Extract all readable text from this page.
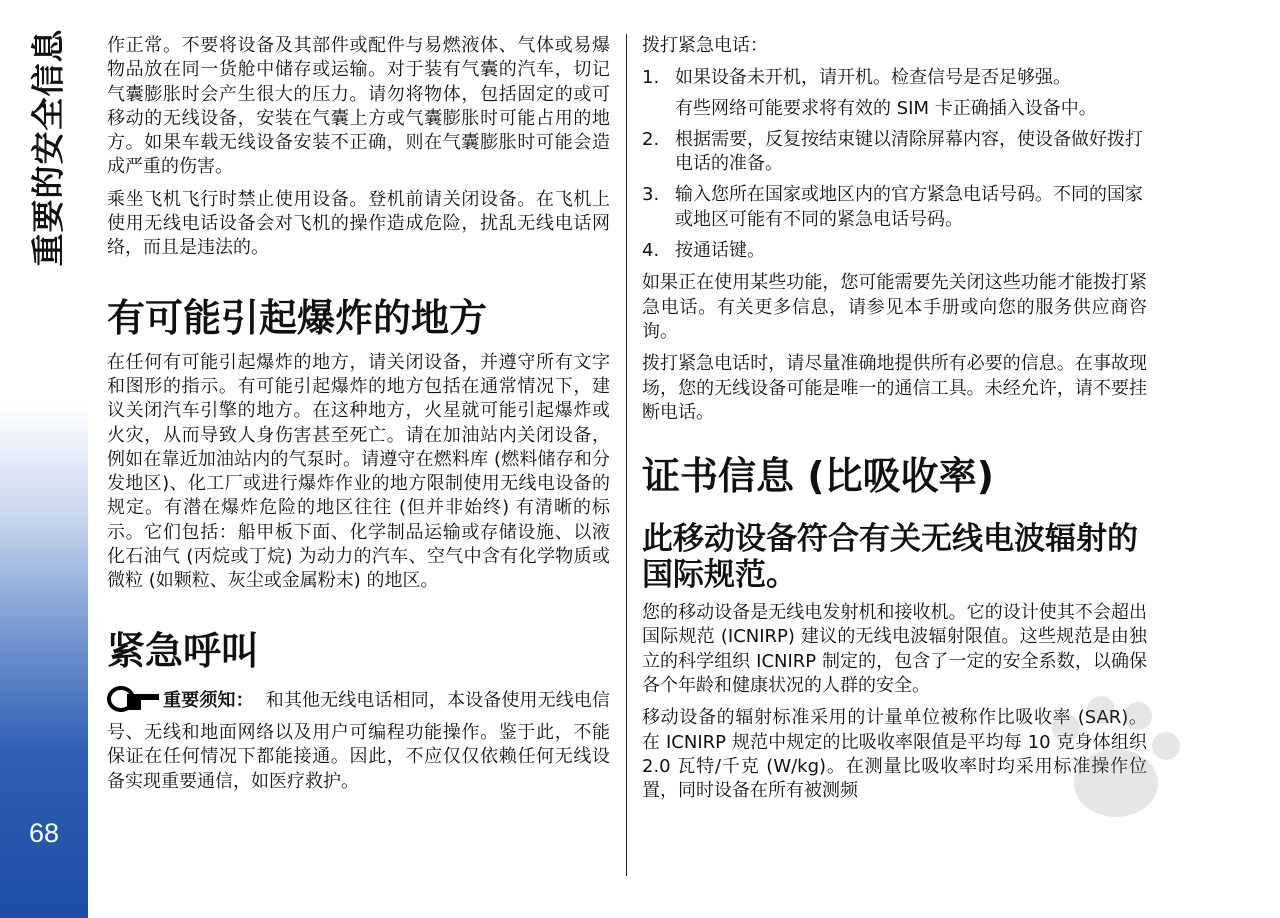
重要的安全信息
68

作正常。不要将设备及其部件或配件与易燃液体、气体或易爆物品放在同一货舱中储存或运输。对于装有气囊的汽车，切记气囊膨胀时会产生很大的压力。请勿将物体，包括固定的或可移动的无线设备，安装在气囊上方或气囊膨胀时可能占用的地方。如果车载无线设备安装不正确，则在气囊膨胀时可能会造成严重的伤害。

乘坐飞机飞行时禁止使用设备。登机前请关闭设备。在飞机上使用无线电话设备会对飞机的操作造成危险，扰乱无线电话网络，而且是违法的。

有可能引起爆炸的地方

在任何有可能引起爆炸的地方，请关闭设备，并遵守所有文字和图形的指示。有可能引起爆炸的地方包括在通常情况下，建议关闭汽车引擎的地方。在这种地方，火星就可能引起爆炸或火灾，从而导致人身伤害甚至死亡。请在加油站内关闭设备，例如在靠近加油站内的气泵时。请遵守在燃料库 (燃料储存和分发地区)、化工厂或进行爆炸作业的地方限制使用无线电设备的规定。有潜在爆炸危险的地区往往 (但并非始终) 有清晰的标示。它们包括：船甲板下面、化学制品运输或存储设施、以液化石油气 (丙烷或丁烷) 为动力的汽车、空气中含有化学物质或微粒 (如颗粒、灰尘或金属粉末) 的地区。

紧急呼叫

重要须知： 和其他无线电话相同，本设备使用无线电信号、无线和地面网络以及用户可编程功能操作。鉴于此，不能保证在任何情况下都能接通。因此，不应仅仅依赖任何无线设备实现重要通信，如医疗救护。

拨打紧急电话：

1. 如果设备未开机，请开机。检查信号是否足够强。
有些网络可能要求将有效的 SIM 卡正确插入设备中。
2. 根据需要，反复按结束键以清除屏幕内容，使设备做好拨打电话的准备。
3. 输入您所在国家或地区内的官方紧急电话号码。不同的国家或地区可能有不同的紧急电话号码。
4. 按通话键。

如果正在使用某些功能，您可能需要先关闭这些功能才能拨打紧急电话。有关更多信息，请参见本手册或向您的服务供应商咨询。

拨打紧急电话时，请尽量准确地提供所有必要的信息。在事故现场，您的无线设备可能是唯一的通信工具。未经允许，请不要挂断电话。

证书信息 (比吸收率)
此移动设备符合有关无线电波辐射的国际规范。

您的移动设备是无线电发射机和接收机。它的设计使其不会超出国际规范 (ICNIRP) 建议的无线电波辐射限值。这些规范是由独立的科学组织 ICNIRP 制定的，包含了一定的安全系数，以确保各个年龄和健康状况的人群的安全。

移动设备的辐射标准采用的计量单位被称作比吸收率 (SAR)。在 ICNIRP 规范中规定的比吸收率限值是平均每 10 克身体组织 2.0 瓦特/千克 (W/kg)。在测量比吸收率时均采用标准操作位置，同时设备在所有被测频
